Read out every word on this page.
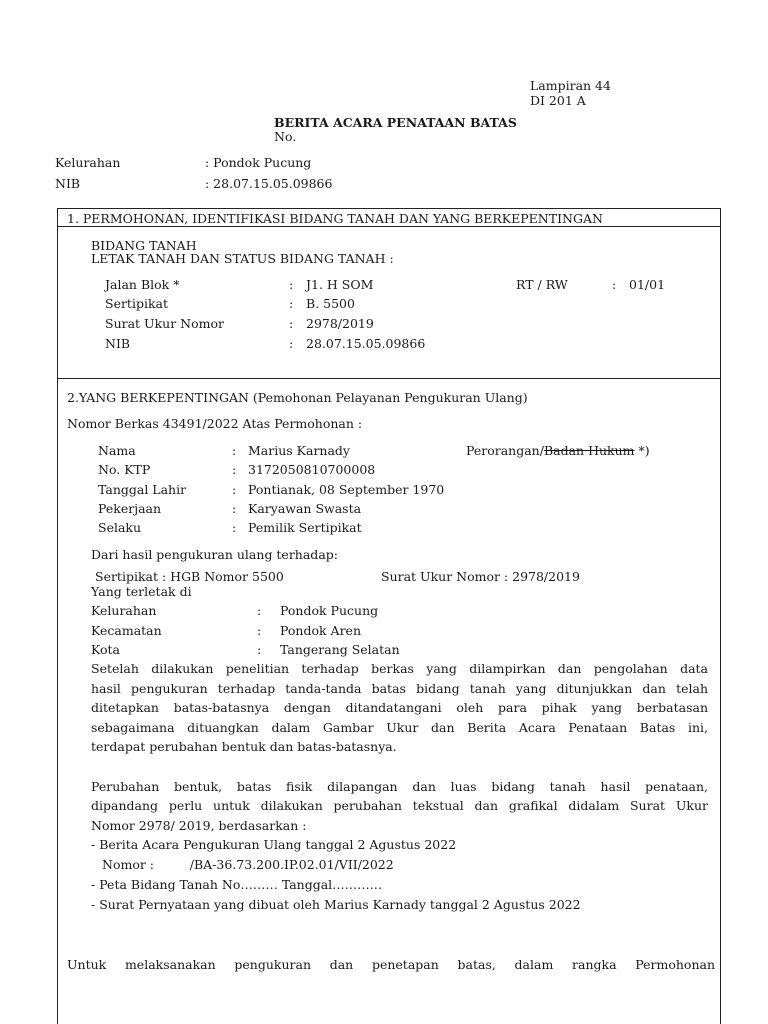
Lampiran 44
DI 201 A
BERITA ACARA PENATAAN BATAS
No.
Kelurahan	: Pondok Pucung
NIB	: 28.07.15.05.09866
1. PERMOHONAN, IDENTIFIKASI BIDANG TANAH DAN YANG BERKEPENTINGAN
BIDANG TANAH
LETAK TANAH DAN STATUS BIDANG TANAH :
Jalan Blok *	: J1. H SOM	RT / RW	: 01/01
Sertipikat	: B. 5500
Surat Ukur Nomor	: 2978/2019
NIB	: 28.07.15.05.09866
2.YANG BERKEPENTINGAN (Pemohonan Pelayanan Pengukuran Ulang)
Nomor Berkas 43491/2022 Atas Permohonan :
Nama	: Marius Karnady	Perorangan/Badan Hukum *)
No. KTP	: 3172050810700008
Tanggal Lahir	: Pontianak, 08 September 1970
Pekerjaan	: Karyawan Swasta
Selaku	: Pemilik Sertipikat
Dari hasil pengukuran ulang terhadap:
Sertipikat : HGB Nomor 5500	Surat Ukur Nomor : 2978/2019
Yang terletak di
Kelurahan	: Pondok Pucung
Kecamatan	: Pondok Aren
Kota	: Tangerang Selatan
Setelah dilakukan penelitian terhadap berkas yang dilampirkan dan pengolahan data
hasil pengukuran terhadap tanda-tanda batas bidang tanah yang ditunjukkan dan telah
ditetapkan batas-batasnya dengan ditandatangani oleh para pihak yang berbatasan
sebagaimana dituangkan dalam Gambar Ukur dan Berita Acara Penataan Batas ini,
terdapat perubahan bentuk dan batas-batasnya.
Perubahan bentuk, batas fisik dilapangan dan luas bidang tanah hasil penataan,
dipandang perlu untuk dilakukan perubahan tekstual dan grafikal didalam Surat Ukur
Nomor 2978/ 2019, berdasarkan :
- Berita Acara Pengukuran Ulang tanggal 2 Agustus 2022
Nomor :         /BA-36.73.200.IP.02.01/VII/2022
- Peta Bidang Tanah No……… Tanggal…………
- Surat Pernyataan yang dibuat oleh Marius Karnady tanggal 2 Agustus 2022
Untuk melaksanakan pengukuran dan penetapan batas, dalam rangka Permohonan
